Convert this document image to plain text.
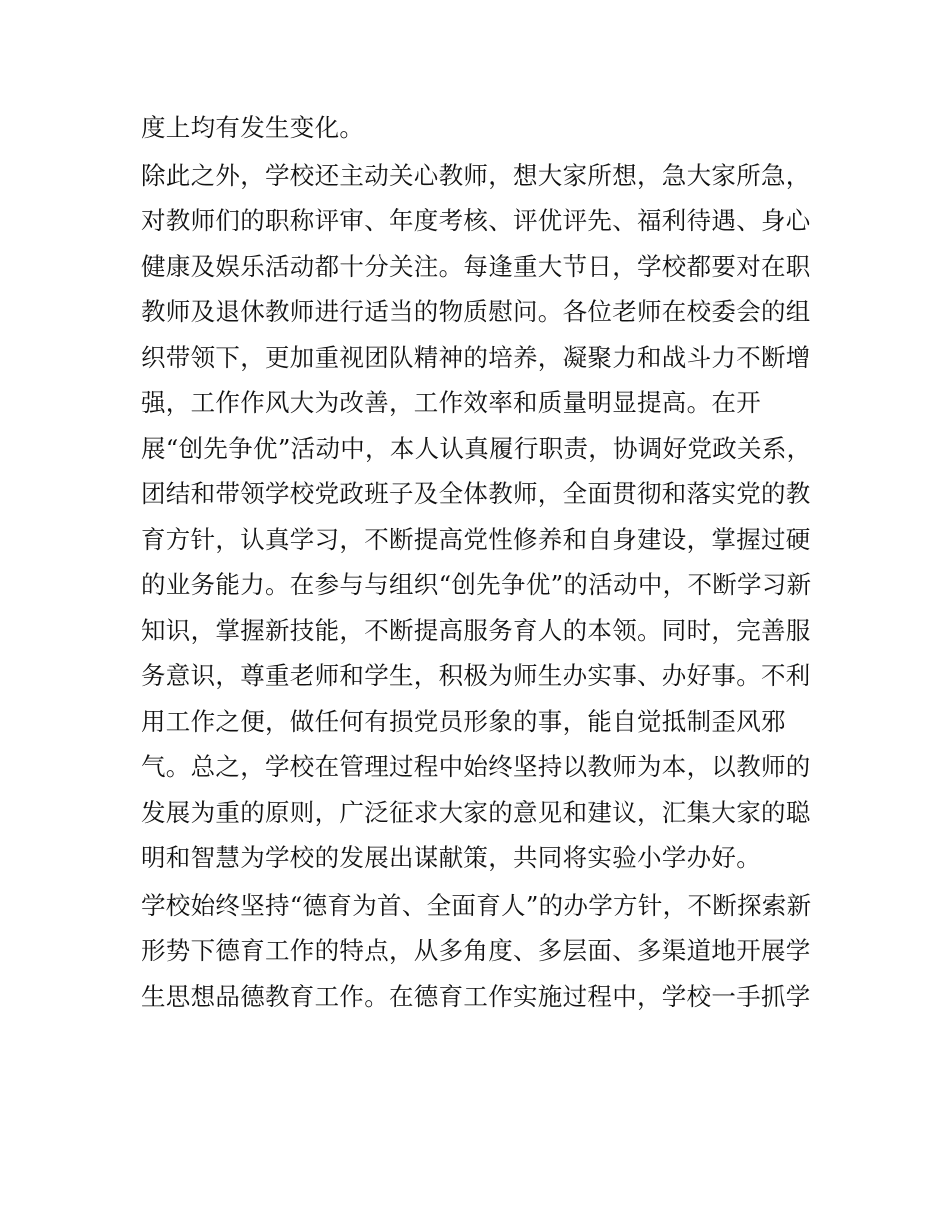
度上均有发生变化。
除此之外，学校还主动关心教师，想大家所想，急大家所急，
对教师们的职称评审、年度考核、评优评先、福利待遇、身心
健康及娱乐活动都十分关注。每逢重大节日，学校都要对在职
教师及退休教师进行适当的物质慰问。各位老师在校委会的组
织带领下，更加重视团队精神的培养，凝聚力和战斗力不断增
强，工作作风大为改善，工作效率和质量明显提高。在开
展“创先争优”活动中，本人认真履行职责，协调好党政关系，
团结和带领学校党政班子及全体教师，全面贯彻和落实党的教
育方针，认真学习，不断提高党性修养和自身建设，掌握过硬
的业务能力。在参与与组织“创先争优”的活动中，不断学习新
知识，掌握新技能，不断提高服务育人的本领。同时，完善服
务意识，尊重老师和学生，积极为师生办实事、办好事。不利
用工作之便，做任何有损党员形象的事，能自觉抵制歪风邪
气。总之，学校在管理过程中始终坚持以教师为本，以教师的
发展为重的原则，广泛征求大家的意见和建议，汇集大家的聪
明和智慧为学校的发展出谋献策，共同将实验小学办好。
学校始终坚持“德育为首、全面育人”的办学方针，不断探索新
形势下德育工作的特点，从多角度、多层面、多渠道地开展学
生思想品德教育工作。在德育工作实施过程中，学校一手抓学
